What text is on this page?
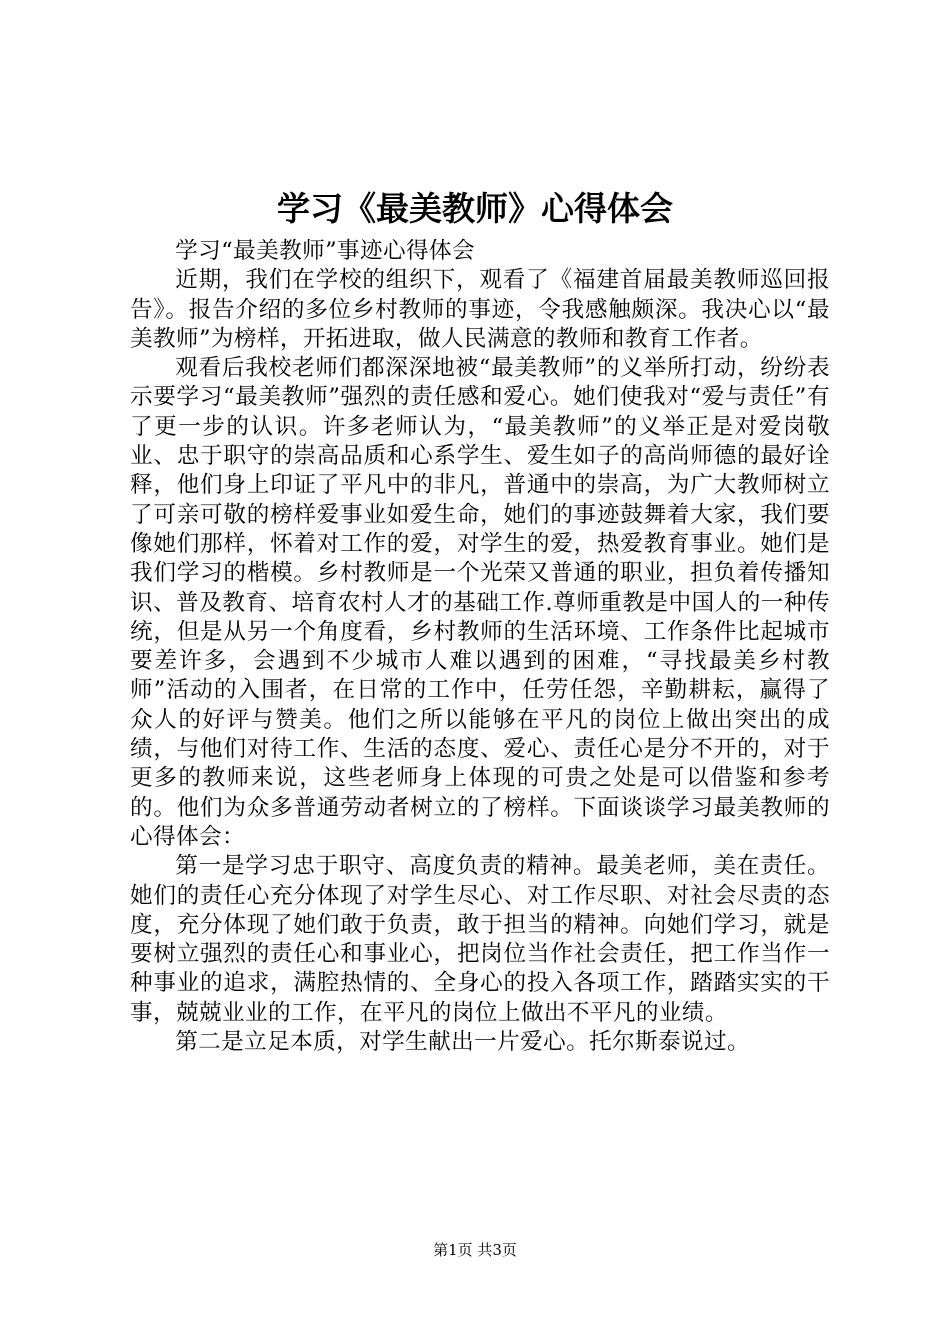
学习《最美教师》心得体会

学习“最美教师”事迹心得体会

近期，我们在学校的组织下，观看了《福建首届最美教师巡回报告》。报告介绍的多位乡村教师的事迹，令我感触颇深。我决心以“最美教师”为榜样，开拓进取，做人民满意的教师和教育工作者。

观看后我校老师们都深深地被“最美教师”的义举所打动，纷纷表示要学习“最美教师”强烈的责任感和爱心。她们使我对“爱与责任”有了更一步的认识。许多老师认为，“最美教师”的义举正是对爱岗敬业、忠于职守的崇高品质和心系学生、爱生如子的高尚师德的最好诠释，他们身上印证了平凡中的非凡，普通中的崇高，为广大教师树立了可亲可敬的榜样爱事业如爱生命，她们的事迹鼓舞着大家，我们要像她们那样，怀着对工作的爱，对学生的爱，热爱教育事业。她们是我们学习的楷模。乡村教师是一个光荣又普通的职业，担负着传播知识、普及教育、培育农村人才的基础工作.尊师重教是中国人的一种传统，但是从另一个角度看，乡村教师的生活环境、工作条件比起城市要差许多，会遇到不少城市人难以遇到的困难，“寻找最美乡村教师”活动的入围者，在日常的工作中，任劳任怨，辛勤耕耘，赢得了众人的好评与赞美。他们之所以能够在平凡的岗位上做出突出的成绩，与他们对待工作、生活的态度、爱心、责任心是分不开的，对于更多的教师来说，这些老师身上体现的可贵之处是可以借鉴和参考的。他们为众多普通劳动者树立的了榜样。下面谈谈学习最美教师的心得体会：

第一是学习忠于职守、高度负责的精神。最美老师，美在责任。她们的责任心充分体现了对学生尽心、对工作尽职、对社会尽责的态度，充分体现了她们敢于负责，敢于担当的精神。向她们学习，就是要树立强烈的责任心和事业心，把岗位当作社会责任，把工作当作一种事业的追求，满腔热情的、全身心的投入各项工作，踏踏实实的干事，兢兢业业的工作，在平凡的岗位上做出不平凡的业绩。

第二是立足本质，对学生献出一片爱心。托尔斯泰说过。

第1页 共3页
